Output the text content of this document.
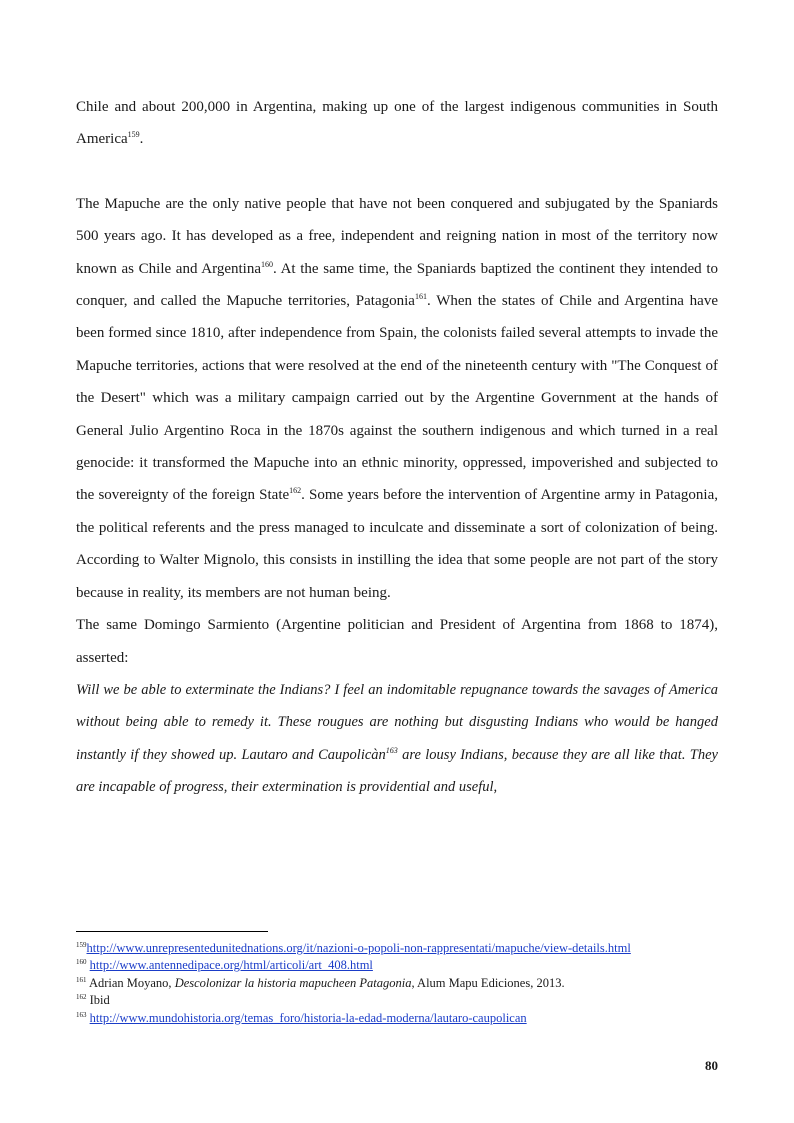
Chile and about 200,000 in Argentina, making up one of the largest indigenous communities in South America$^{159}$.

The Mapuche are the only native people that have not been conquered and subjugated by the Spaniards 500 years ago. It has developed as a free, independent and reigning nation in most of the territory now known as Chile and Argentina$^{160}$. At the same time, the Spaniards baptized the continent they intended to conquer, and called the Mapuche territories, Patagonia$^{161}$. When the states of Chile and Argentina have been formed since 1810, after independence from Spain, the colonists failed several attempts to invade the Mapuche territories, actions that were resolved at the end of the nineteenth century with "The Conquest of the Desert" which was a military campaign carried out by the Argentine Government at the hands of General Julio Argentino Roca in the 1870s against the southern indigenous and which turned in a real genocide: it transformed the Mapuche into an ethnic minority, oppressed, impoverished and subjected to the sovereignty of the foreign State$^{162}$. Some years before the intervention of Argentine army in Patagonia, the political referents and the press managed to inculcate and disseminate a sort of colonization of being. According to Walter Mignolo, this consists in instilling the idea that some people are not part of the story because in reality, its members are not human being.

The same Domingo Sarmiento (Argentine politician and President of Argentina from 1868 to 1874), asserted:

Will we be able to exterminate the Indians? I feel an indomitable repugnance towards the savages of America without being able to remedy it. These rougues are nothing but disgusting Indians who would be hanged instantly if they showed up. Lautaro and Caupolicàn$^{163}$ are lousy Indians, because they are all like that. They are incapable of progress, their extermination is providential and useful,

$^{159}$http://www.unrepresentedunitednations.org/it/nazioni-o-popoli-non-rappresentati/mapuche/view-details.html

$^{160}$ http://www.antennedipace.org/html/articoli/art_408.html

$^{161}$ Adrian Moyano, Descolonizar la historia mapucheen Patagonia, Alum Mapu Ediciones, 2013.

$^{162}$ Ibid

$^{163}$ http://www.mundohistoria.org/temas_foro/historia-la-edad-moderna/lautaro-caupolican

80
